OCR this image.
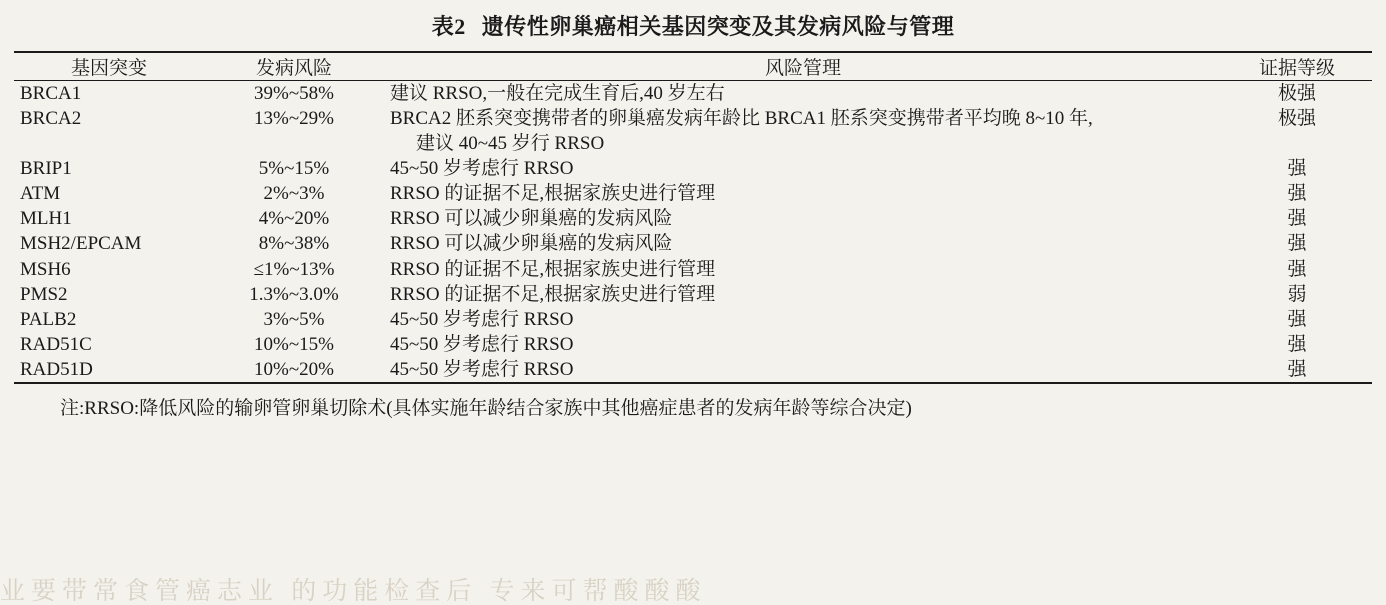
表2 遗传性卵巢癌相关基因突变及其发病风险与管理
基因突变	发病风险	风险管理	证据等级
BRCA1	39%~58%	建议 RRSO,一般在完成生育后,40 岁左右	极强
BRCA2	13%~29%	BRCA2 胚系突变携带者的卵巢癌发病年龄比 BRCA1 胚系突变携带者平均晚 8~10 年,
建议 40~45 岁行 RRSO	极强
BRIP1	5%~15%	45~50 岁考虑行 RRSO	强
ATM	2%~3%	RRSO 的证据不足,根据家族史进行管理	强
MLH1	4%~20%	RRSO 可以减少卵巢癌的发病风险	强
MSH2/EPCAM	8%~38%	RRSO 可以减少卵巢癌的发病风险	强
MSH6	≤1%~13%	RRSO 的证据不足,根据家族史进行管理	强
PMS2	1.3%~3.0%	RRSO 的证据不足,根据家族史进行管理	弱
PALB2	3%~5%	45~50 岁考虑行 RRSO	强
RAD51C	10%~15%	45~50 岁考虑行 RRSO	强
RAD51D	10%~20%	45~50 岁考虑行 RRSO	强
注:RRSO:降低风险的输卵管卵巢切除术(具体实施年龄结合家族中其他癌症患者的发病年龄等综合决定)
业要带常食管癌志业 的功能检查后 专来可帮酸酸酸
